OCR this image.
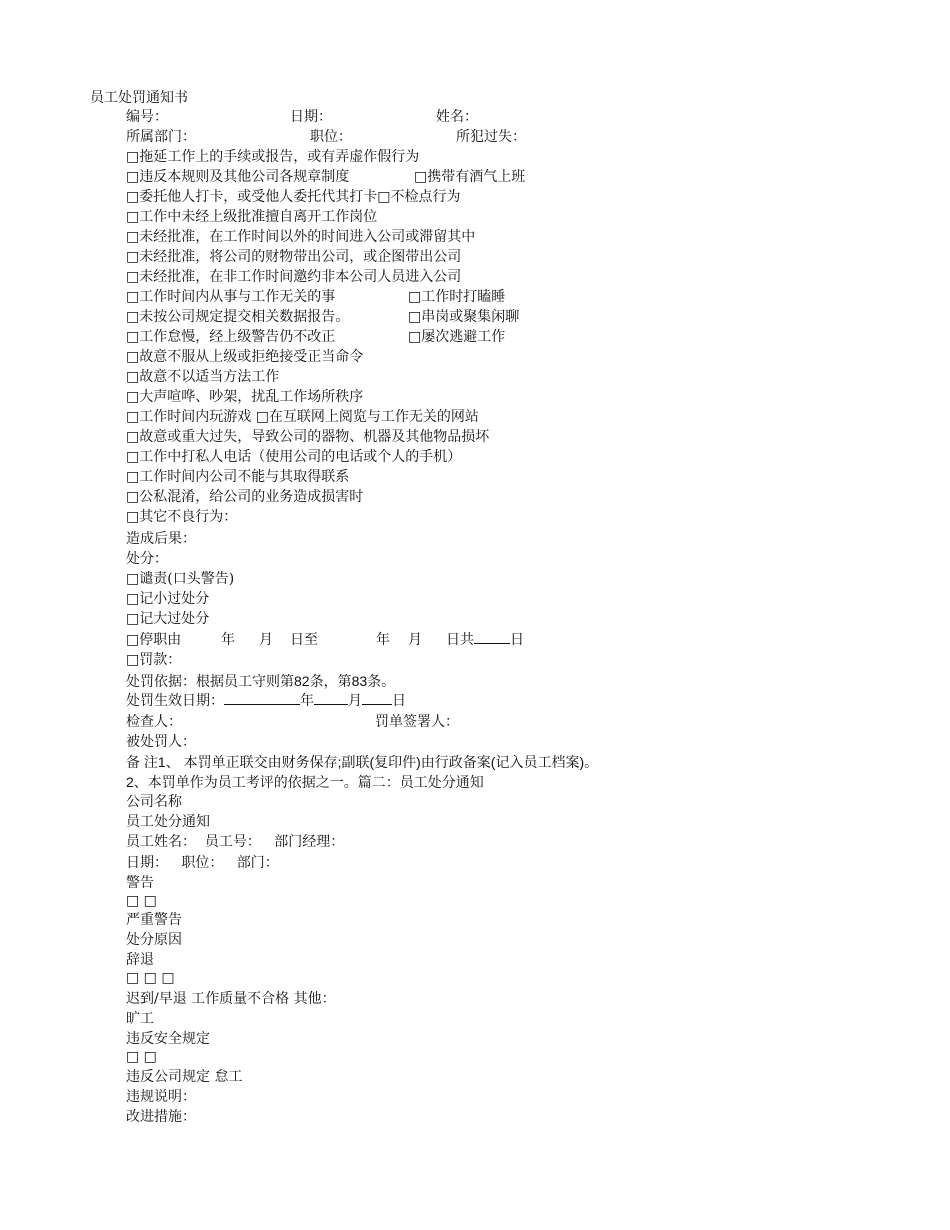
员工处罚通知书
编号：	日期：	姓名：
所属部门：	职位：	所犯过失：
□拖延工作上的手续或报告，或有弄虚作假行为
□违反本规则及其他公司各规章制度	□携带有酒气上班
□委托他人打卡，或受他人委托代其打卡□不检点行为
□工作中未经上级批准擅自离开工作岗位
□未经批准，在工作时间以外的时间进入公司或滞留其中
□未经批准，将公司的财物带出公司，或企图带出公司
□未经批准，在非工作时间邀约非本公司人员进入公司
□工作时间内从事与工作无关的事	□工作时打瞌睡
□未按公司规定提交相关数据报告。	□串岗或聚集闲聊
□工作怠慢，经上级警告仍不改正	□屡次逃避工作
□故意不服从上级或拒绝接受正当命令
□故意不以适当方法工作
□大声喧哗、吵架，扰乱工作场所秩序
□工作时间内玩游戏 □在互联网上阅览与工作无关的网站
□故意或重大过失，导致公司的器物、机器及其他物品损坏
□工作中打私人电话（使用公司的电话或个人的手机）
□工作时间内公司不能与其取得联系
□公私混淆，给公司的业务造成损害时
□其它不良行为：
造成后果：
处分：
□谴责(口头警告)
□记小过处分
□记大过处分
□停职由	年 月 日至	年 月 日共	日
□罚款：
处罚依据：根据员工守则第82条，第83条。
处罚生效日期：	年 月 日
检查人：	罚单签署人：
被处罚人：
备 注1、 本罚单正联交由财务保存;副联(复印件)由行政备案(记入员工档案)。
2、本罚单作为员工考评的依据之一。篇二：员工处分通知
公司名称
员工处分通知
员工姓名：  员工号：   部门经理：
日期：   职位：   部门：
警告
□ □
严重警告
处分原因
辞退
□ □ □
迟到/早退 工作质量不合格 其他：
旷工
违反安全规定
□ □
违反公司规定 怠工
违规说明：
改进措施：
